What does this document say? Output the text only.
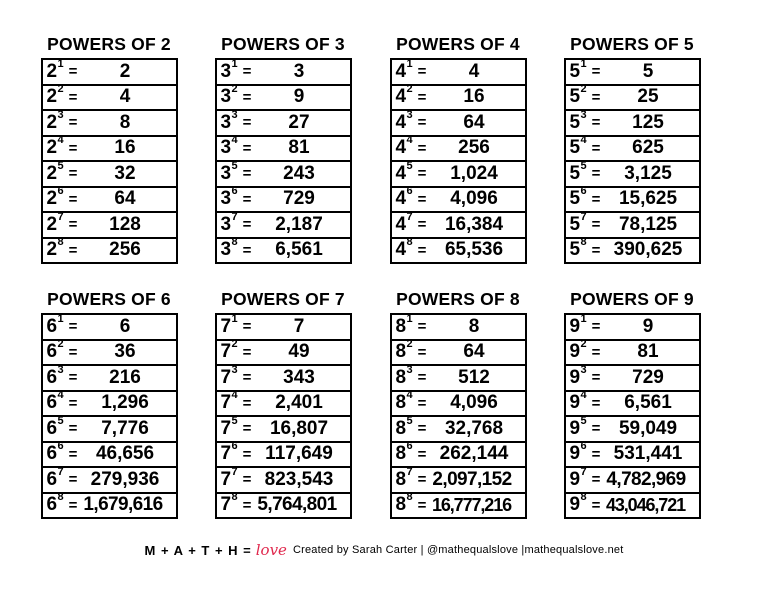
POWERS OF 2
2 1 =	2
2 2 =	4
2 3 =	8
2 4 =	16
2 5 =	32
2 6 =	64
2 7 =	128
2 8 =	256
POWERS OF 3
3 1 =	3
3 2 =	9
3 3 =	27
3 4 =	81
3 5 =	243
3 6 =	729
3 7 =	2,187
3 8 =	6,561
POWERS OF 4
4 1 =	4
4 2 =	16
4 3 =	64
4 4 =	256
4 5 =	1,024
4 6 =	4,096
4 7 = 16,384
4 8 = 65,536
POWERS OF 5
5 1 =	5
5 2 =	25
5 3 =	125
5 4 =	625
5 5 =	3,125
5 6 = 15,625
5 7 = 78,125
5 8 = 390,625
POWERS OF 6
6 1 =	6
6 2 =	36
6 3 =	216
6 4 =	1,296
6 5 =	7,776
6 6 = 46,656
6 7 = 279,936
6 8 = 1,679,616
POWERS OF 7
7 1 =	7
7 2 =	49
7 3 =	343
7 4 =	2,401
7 5 = 16,807
7 6 = 117,649
7 7 = 823,543
7 8 = 5,764,801
POWERS OF 8
8 1 =	8
8 2 =	64
8 3 =	512
8 4 =	4,096
8 5 = 32,768
8 6 = 262,144
8 7 = 2,097,152
8 8 = 16,777,216
POWERS OF 9
9 1 =	9
9 2 =	81
9 3 =	729
9 4 =	6,561
9 5 = 59,049
9 6 = 531,441
9 7 = 4,782,969
9 8 = 43,046,721
M + A + T + H = love Created by Sarah Carter | @mathequalslove |mathequalslove.net
